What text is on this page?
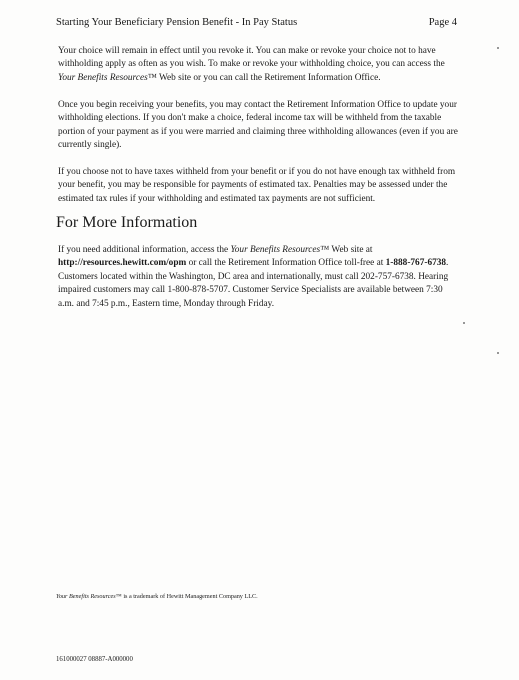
Starting Your Beneficiary Pension Benefit - In Pay Status	Page 4

Your choice will remain in effect until you revoke it. You can make or revoke your choice not to have withholding apply as often as you wish. To make or revoke your withholding choice, you can access the Your Benefits Resources™ Web site or you can call the Retirement Information Office.

Once you begin receiving your benefits, you may contact the Retirement Information Office to update your withholding elections. If you don't make a choice, federal income tax will be withheld from the taxable portion of your payment as if you were married and claiming three withholding allowances (even if you are currently single).

If you choose not to have taxes withheld from your benefit or if you do not have enough tax withheld from your benefit, you may be responsible for payments of estimated tax. Penalties may be assessed under the estimated tax rules if your withholding and estimated tax payments are not sufficient.

For More Information

If you need additional information, access the Your Benefits Resources™ Web site at http://resources.hewitt.com/opm or call the Retirement Information Office toll-free at 1-888-767-6738. Customers located within the Washington, DC area and internationally, must call 202-757-6738. Hearing impaired customers may call 1-800-878-5707. Customer Service Specialists are available between 7:30 a.m. and 7:45 p.m., Eastern time, Monday through Friday.

Your Benefits Resources™ is a trademark of Hewitt Management Company LLC.
161000027 08887-A000000
